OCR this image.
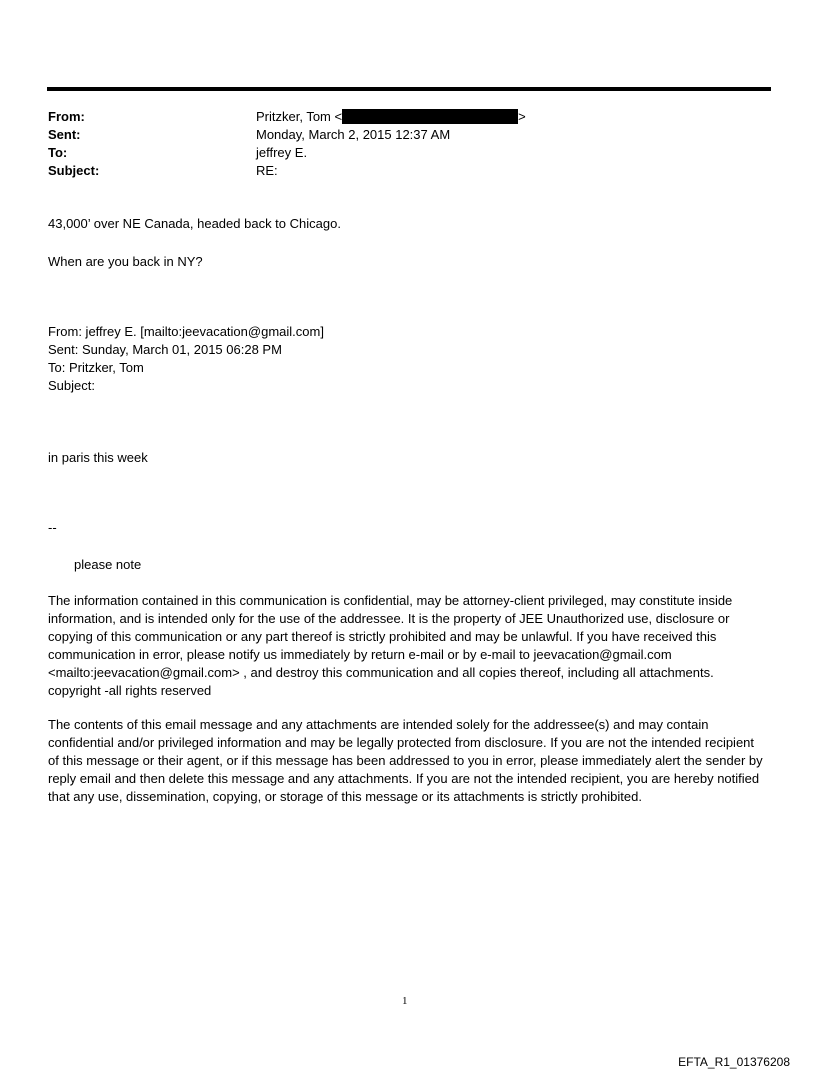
From:	Pritzker, Tom <	>
Sent:	Monday, March 2, 2015 12:37 AM
To:	jeffrey E.
Subject:	RE:
43,000’ over NE Canada, headed back to Chicago.
When are you back in NY?
From: jeffrey E. [mailto:jeevacation@gmail.com]
Sent: Sunday, March 01, 2015 06:28 PM
To: Pritzker, Tom
Subject:
in paris this week
--
please note
The information contained in this communication is confidential, may be attorney-client privileged, may constitute inside information, and is intended only for the use of the addressee. It is the property of JEE Unauthorized use, disclosure or copying of this communication or any part thereof is strictly prohibited and may be unlawful. If you have received this communication in error, please notify us immediately by return e-mail or by e-mail to jeevacation@gmail.com <mailto:jeevacation@gmail.com> , and destroy this communication and all copies thereof, including all attachments. copyright -all rights reserved
The contents of this email message and any attachments are intended solely for the addressee(s) and may contain confidential and/or privileged information and may be legally protected from disclosure. If you are not the intended recipient of this message or their agent, or if this message has been addressed to you in error, please immediately alert the sender by reply email and then delete this message and any attachments. If you are not the intended recipient, you are hereby notified that any use, dissemination, copying, or storage of this message or its attachments is strictly prohibited.
1
EFTA_R1_01376208
